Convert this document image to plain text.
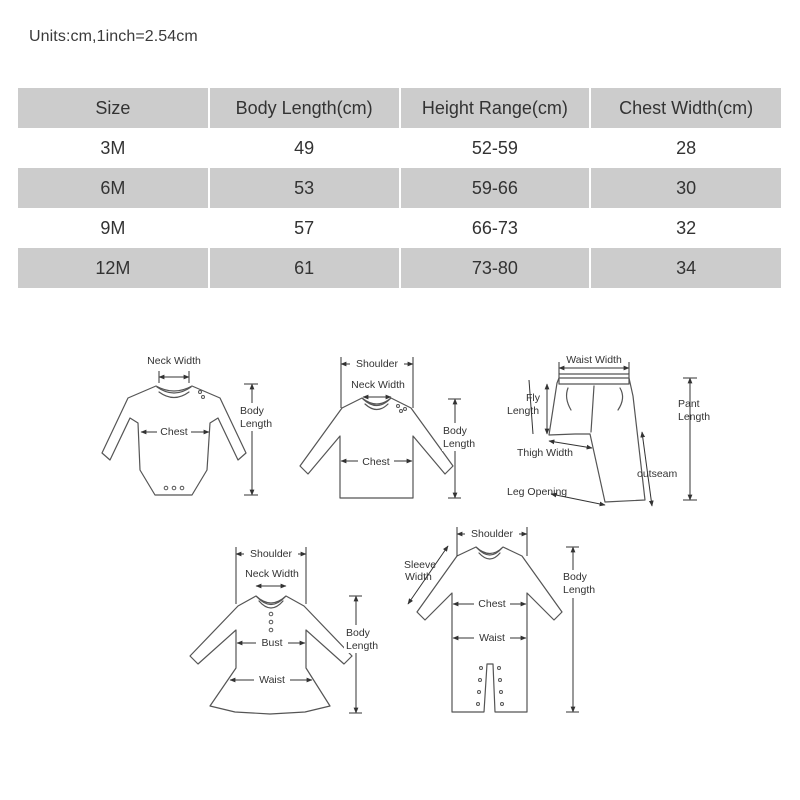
Units:cm,1inch=2.54cm
Size	Body Length(cm)	Height Range(cm)	Chest Width(cm)
3M	49	52-59	28
6M	53	59-66	30
9M	57	66-73	32
12M	61	73-80	34
Neck Width
Chest
Body
Length
Shoulder
Neck Width
Chest
Body
Length
Waist Width
Fly
Length
Pant
Length
Thigh Width
outseam
Leg Opening
Shoulder
Neck Width
Bust
Waist
Body
Length
Shoulder
Sleeve
Width
Chest
Waist
Body
Length
